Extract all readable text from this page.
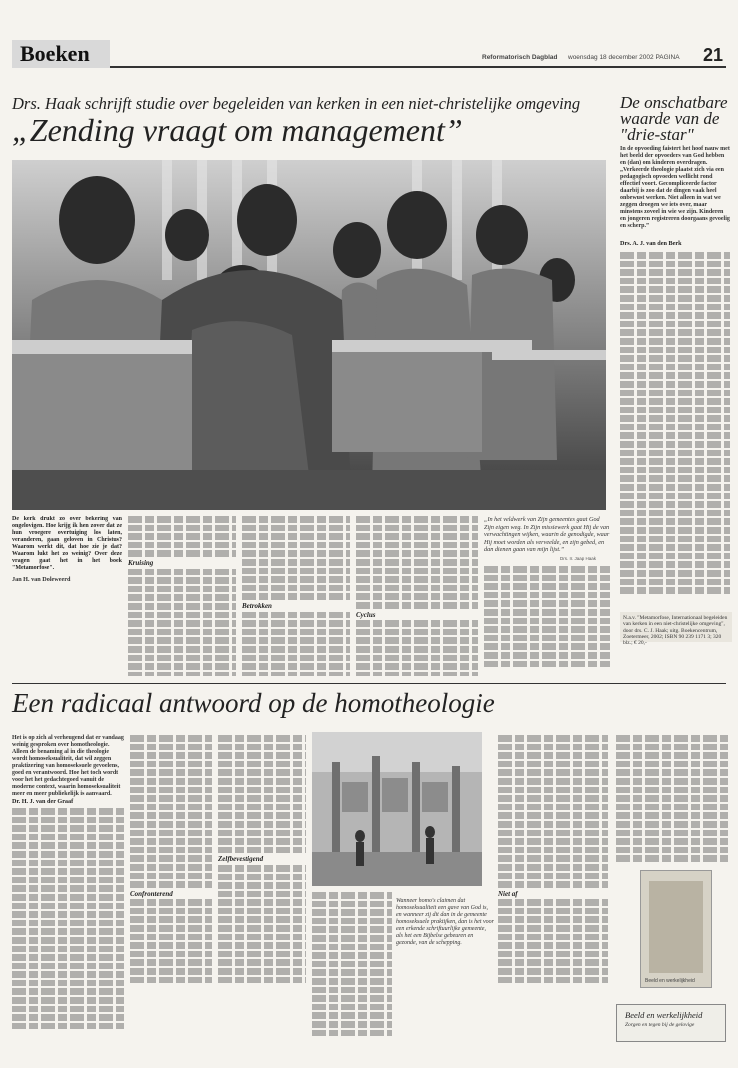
Boeken	Reformatorisch Dagblad woensdag 18 december 2002 PAGINA 21
Drs. Haak schrijft studie over begeleiden van kerken in een niet-christelijke omgeving
„Zending vraagt om management”
De kerk drukt zo over bekering van ongelovigen. Hoe krijg ik hen zover dat ze hun vroegere overtuiging los laten, veranderen, gaan geloven in Christus? Waarom werkt dit, dat hoe zie je dat? Waarom lukt het zo weinig? Over deze vragen gaat het in het boek "Metamorfose".
Jan H. van Doleweerd
Kruising
Betrokken
Cyclus
„In het veldwerk van Zijn gemeentes gaat God Zijn eigen weg. In Zijn missiewerk gaat Hij de van verwachtingen wijken, waarin de genodigde, waar Hij moet worden als verveelde, en zijn gebed, en dan dienen gaan van mijn lijst.”
Drs. Ir. Jaap Haak
De onschatbare waarde van de "drie-star"
In de opvoeding faistert het hoof nauw met het beeld der opvoeders van God hebben en (dan) om kinderen overdragen. „Verkeerde theologie plaatst zich via een pedagogisch opvoeden wellicht rond effectief voort. Gecompliceerde factor daarbij is zoo dat de dingen vaak heel onbewust werken. Niet alleen in wat we zeggen droegen we iets over, maar minstens zoveel in wie we zijn. Kinderen en jongeren registreren doorgaans gevoelig en scherp.”
Drs. A. J. van den Berk
N.a.v. "Metamorfose, Internationaal begeleiden van kerken in een niet-christelijke omgeving", door drs. C. J. Haak; uitg. Boekencentrum, Zoetermeer, 2002; ISBN 90 239 1171 3; 320 blz.; € 20,-
Een radicaal antwoord op de homotheologie
Het is op zich al verheugend dat er vandaag weinig gesproken over homotheologie. Alleen de benaming al in die theologie wordt homoseksualiteit, dat wil zeggen praktizering van homoseksuele gevoelens, goed en verantwoord. Hoe het toch wordt voor het het gedachtegoed vanuit de moderne context, waarin homoseksualiteit meer en meer publiekelijk is aanvaard.
Dr. H. J. van der Graaf
Confronterend
Zelfbevestigend
Wanneer homo's claimen dat homoseksualiteit een gave van God is, en wanneer zij dit dan in de gemeente homoseksuele praktijken, dan is het voor een erkende schriftuurlijke gemeente, als het een Bijbelse gebeuren en gezonde, van de schepping.
Niet af
Beeld en werkelijkheid
Beeld en werkelijkheid
Zorgen en tegen bij de gelovige
